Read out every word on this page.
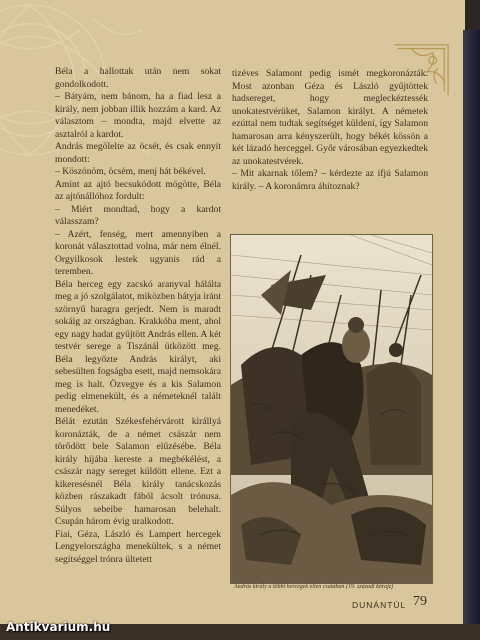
Béla a hallottak után nem sokat gondolkodott.

– Bátyám, nem bánom, ha a fiad lesz a király, nem jobban illik hozzám a kard. Az választom – mondta, majd elvette az asztalról a kardot.

András megölelte az öcsét, és csak ennyit mondott:

– Köszönöm, öcsém, menj hát békével.

Amint az ajtó becsukódott mögötte, Béla az ajtónállóhoz fordult:

– Miért mondtad, hogy a kardot válasszam?

– Azért, fenség, mert amennyiben a koronát választottad volna, már nem élnél. Orgyilkosok lestek ugyanis rád a teremben.

Béla herceg egy zacskó aranyval hálálta meg a jó szolgálatot, miközben bátyja iránt szörnyű haragra gerjedt. Nem is maradt sokáig az országban. Krakkóba ment, ahol egy nagy hadat gyűjtött András ellen. A két testvér serege a Tiszánál ütközött meg. Béla legyőzte András királyt, aki sebesülten fogságba esett, majd nemsokára meg is halt. Özvegye és a kis Salamon pedig elmenekült, és a németeknél talált menedéket.

Bélát ezután Székesfehérvárott királlyá koronázták, de a német császár nem törődött bele Salamon elűzésébe. Béla király híjába kereste a megbékélést, a császár nagy sereget küldött ellene. Ezt a kikeresésnél Béla király tanácskozás közben rászakadt fából ácsolt trónusa. Súlyos sebeibe hamarosan belehalt. Csupán három évig uralkodott.

Fiai, Géza, László és Lampert hercegek Lengyelországba menekültek, s a német segítséggel trónra ültetett

tizéves Salamont pedig ismét megkoronázták. Most azonban Géza és László gyűjtöttek hadsereget, hogy megleckéztessék unokatestvérüket, Salamon királyt. A németek ezúttal nem tudtak segítséget küldeni, így Salamon hamarosan arra kényszerült, hogy békét kössön a két lázadó herceggel. Győr városában egyezkedtek az unokatestvérek.

– Mit akarnak tőlem? – kérdezte az ifjú Salamon király. – A koronámra áhítoznak?

András király a többi hercegek ellen csatában (19. századi kőrajz)
DUNÁNTÚL 79
Antikvarium.hu
